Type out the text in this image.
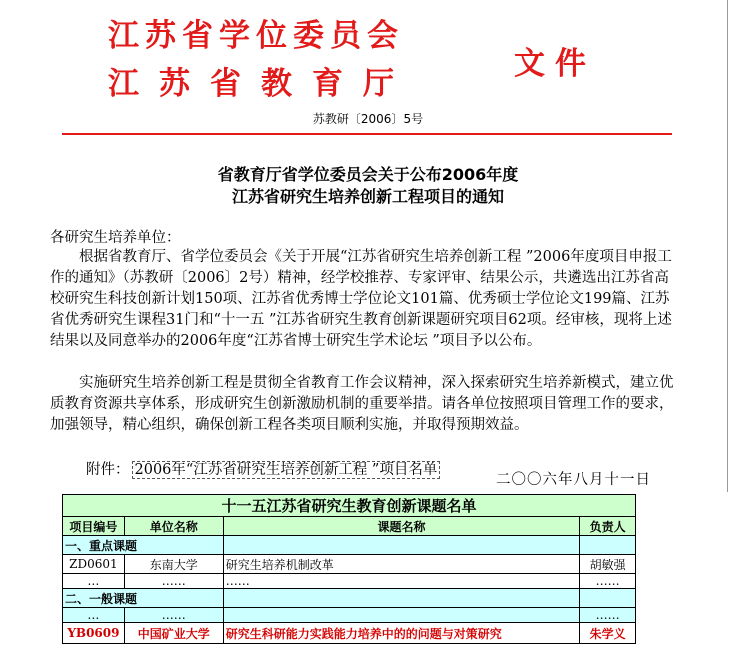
江苏省学位委员会
江苏省教育厅
文件
苏教研〔2006〕5号
省教育厅省学位委员会关于公布2006年度
江苏省研究生培养创新工程项目的通知
各研究生培养单位：

根据省教育厅、省学位委员会《关于开展“江苏省研究生培养创新工程 ”2006年度项目申报工作的通知》（苏教研〔2006〕2号）精神，经学校推荐、专家评审、结果公示，共遴选出江苏省高校研究生科技创新计划150项、江苏省优秀博士学位论文101篇、优秀硕士学位论文199篇、江苏省优秀研究生课程31门和“十一五 ”江苏省研究生教育创新课题研究项目62项。经审核，现将上述结果以及同意举办的2006年度“江苏省博士研究生学术论坛 ”项目予以公布。

实施研究生培养创新工程是贯彻全省教育工作会议精神，深入探索研究生培养新模式，建立优质教育资源共享体系，形成研究生创新激励机制的重要举措。请各单位按照项目管理工作的要求，加强领导，精心组织，确保创新工程各类项目顺利实施，并取得预期效益。

附件： 2006年“江苏省研究生培养创新工程 ”项目名单
二〇〇六年八月十一日
十一五江苏省研究生教育创新课题名单			
项目编号	单位名称	课题名称	负责人
一、重点课题			
ZD0601	东南大学	研究生培养机制改革	胡敏强
…	……	……	……
二、一般课题			
…	……		……
YB0609	中国矿业大学	研究生科研能力实践能力培养中的的问题与对策研究	朱学义
